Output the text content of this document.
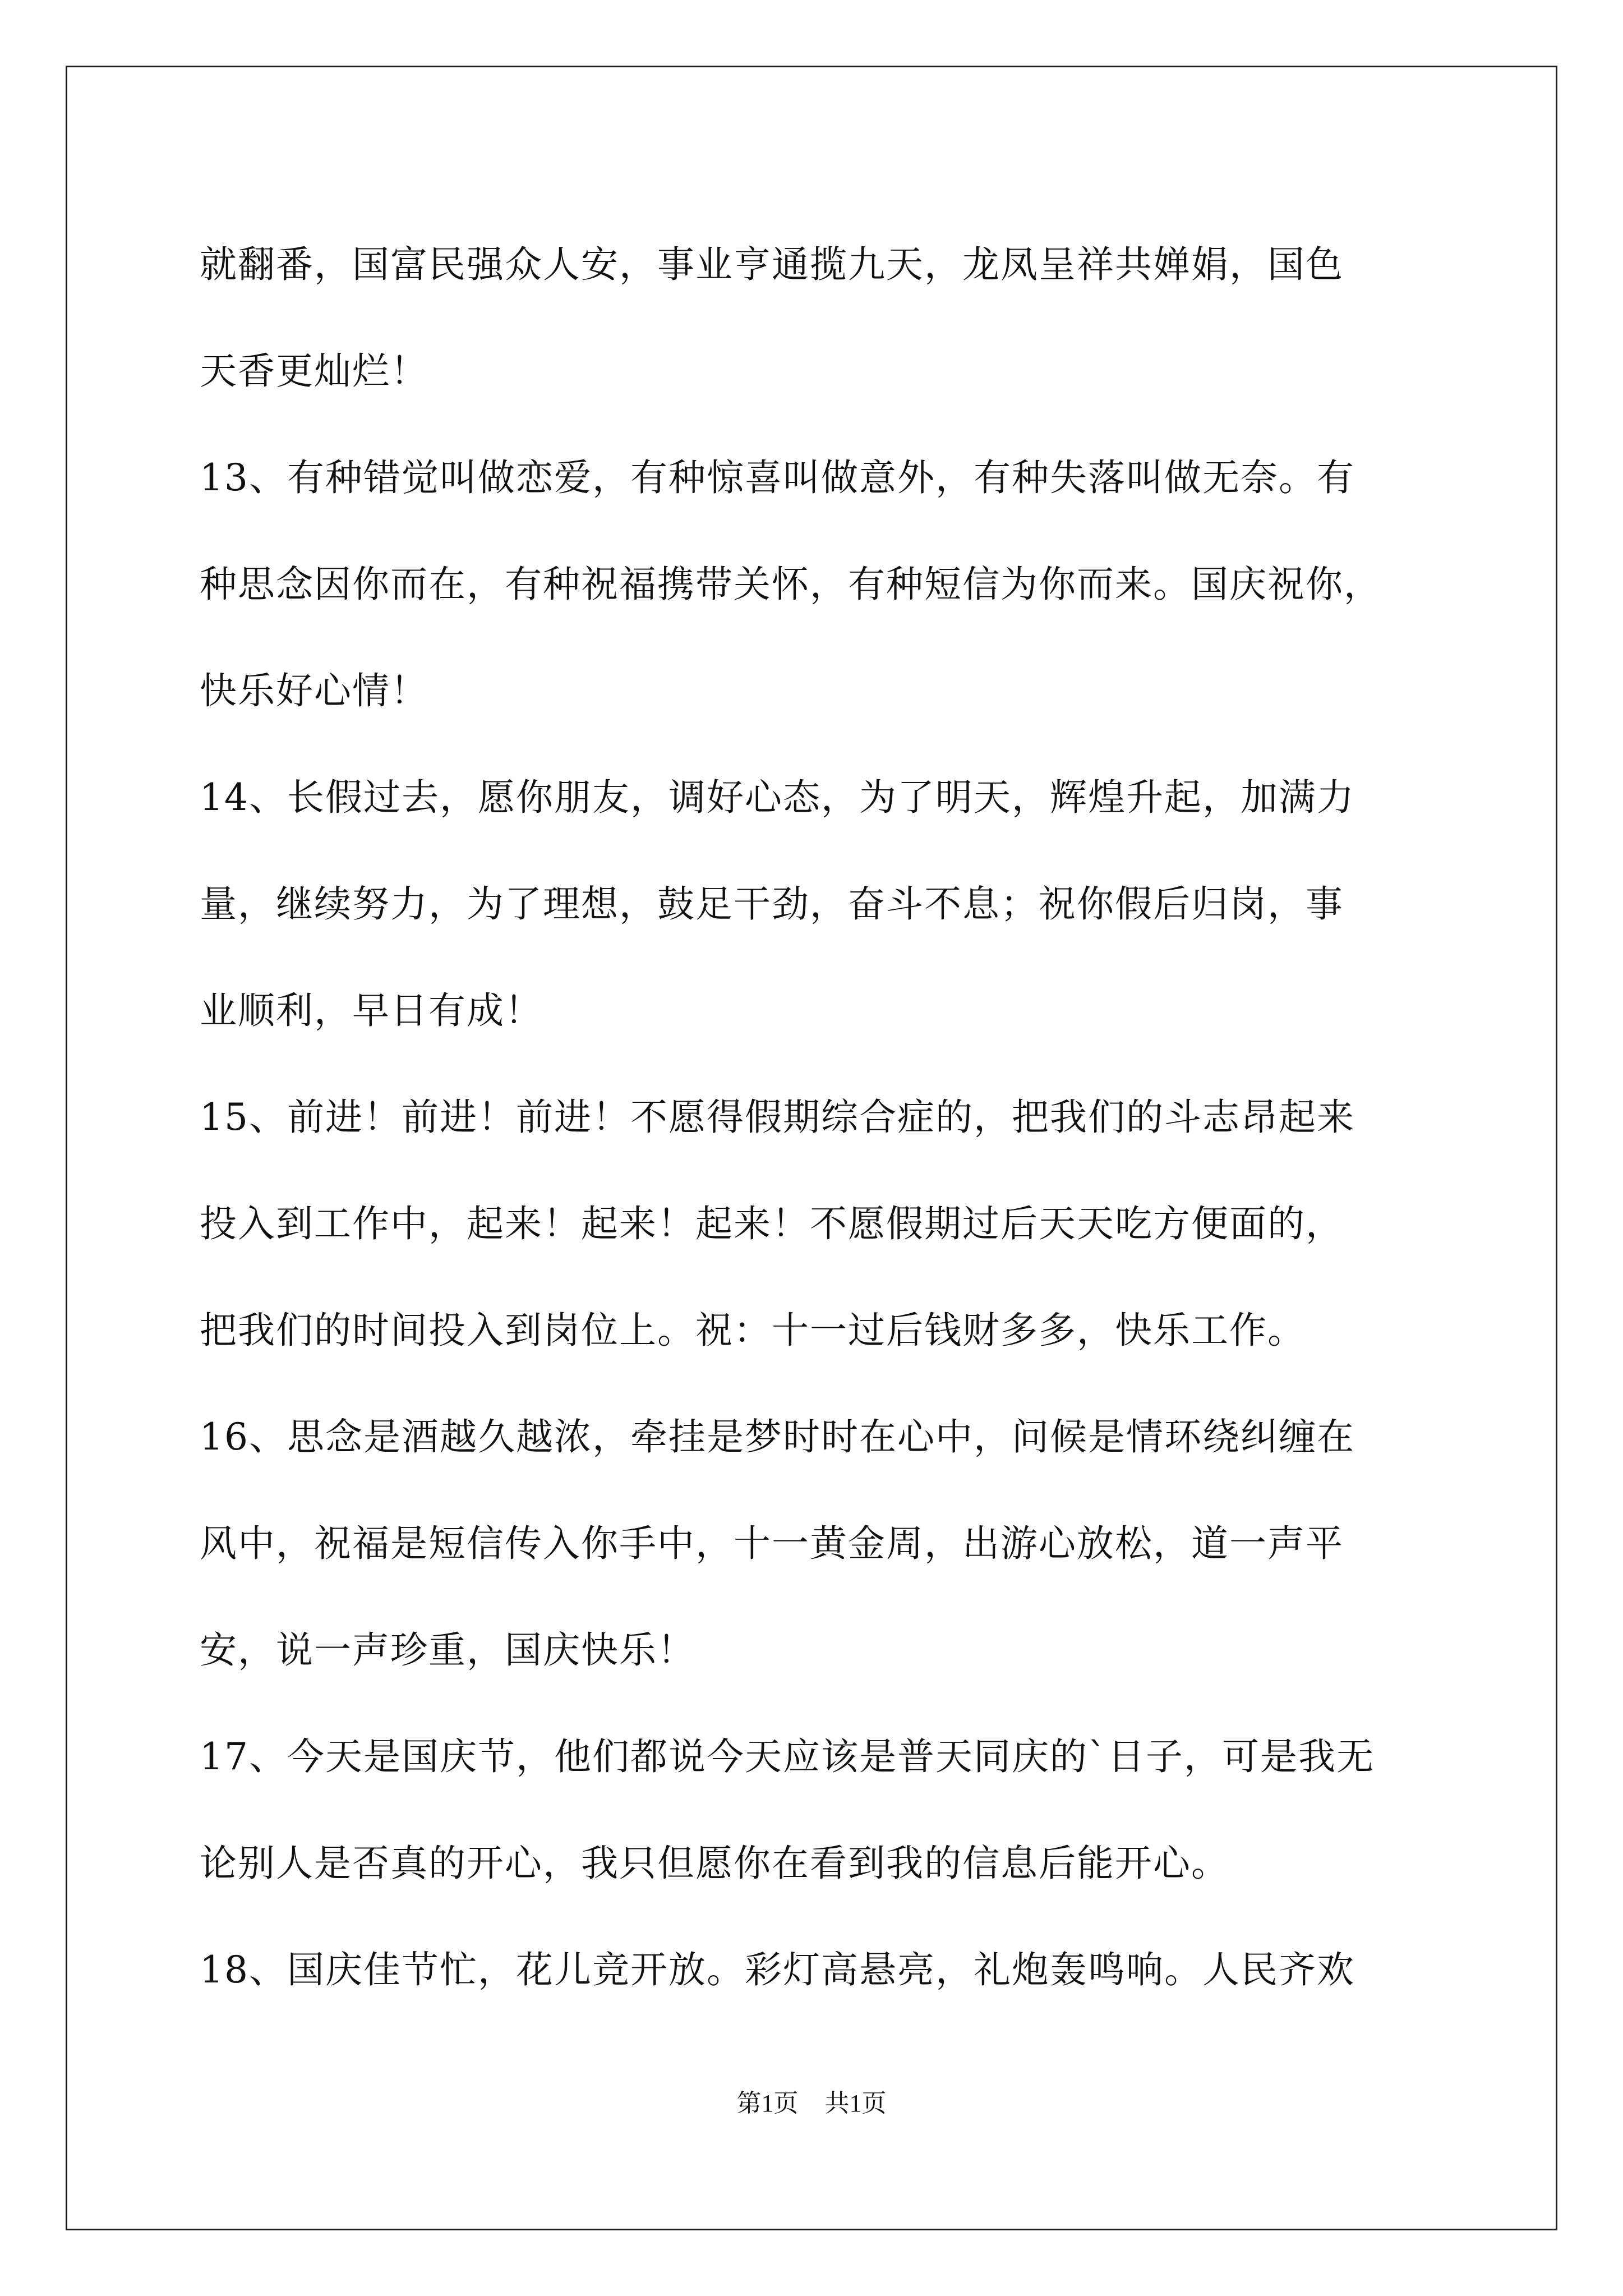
就翻番，国富民强众人安，事业亨通揽九天，龙凤呈祥共婵娟，国色
天香更灿烂！
13、有种错觉叫做恋爱，有种惊喜叫做意外，有种失落叫做无奈。有
种思念因你而在，有种祝福携带关怀，有种短信为你而来。国庆祝你，
快乐好心情！
14、长假过去，愿你朋友，调好心态，为了明天，辉煌升起，加满力
量，继续努力，为了理想，鼓足干劲，奋斗不息；祝你假后归岗，事
业顺利，早日有成！
15、前进！前进！前进！不愿得假期综合症的，把我们的斗志昂起来
投入到工作中，起来！起来！起来！不愿假期过后天天吃方便面的，
把我们的时间投入到岗位上。祝：十一过后钱财多多，快乐工作。
16、思念是酒越久越浓，牵挂是梦时时在心中，问候是情环绕纠缠在
风中，祝福是短信传入你手中，十一黄金周，出游心放松，道一声平
安，说一声珍重，国庆快乐！
17、今天是国庆节，他们都说今天应该是普天同庆的`日子，可是我无
论别人是否真的开心，我只但愿你在看到我的信息后能开心。
18、国庆佳节忙，花儿竞开放。彩灯高悬亮，礼炮轰鸣响。人民齐欢
第1页 共1页
